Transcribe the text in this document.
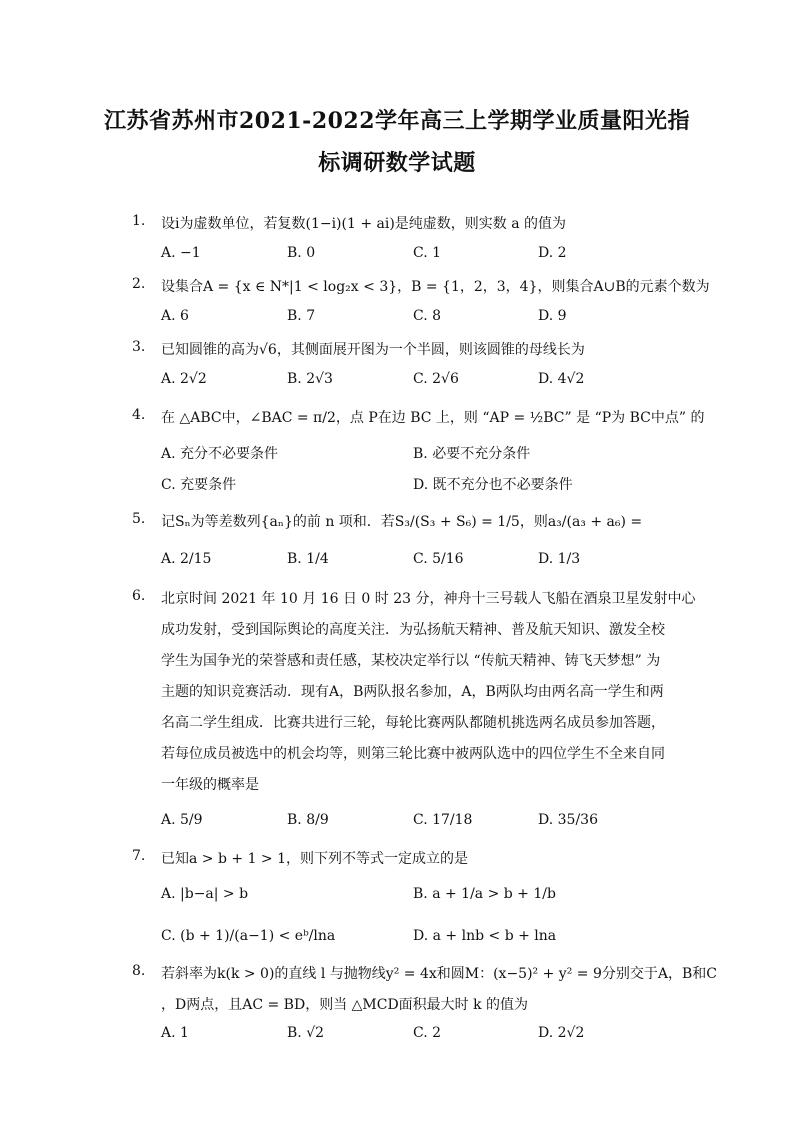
江苏省苏州市2021-2022学年高三上学期学业质量阳光指
标调研数学试题
1. 设i为虚数单位，若复数(1−i)(1 + ai)是纯虚数，则实数 a 的值为
A. −1	B. 0	C. 1	D. 2
2. 设集合A = {x ∈ N*|1 < log₂x < 3}，B = {1，2，3，4}，则集合A∪B的元素个数为
A. 6	B. 7	C. 8	D. 9
3. 已知圆锥的高为√6，其侧面展开图为一个半圆，则该圆锥的母线长为
A. 2√2	B. 2√3	C. 2√6	D. 4√2
4. 在 △ABC中，∠BAC = π/2，点 P在边 BC 上，则 “AP = ½BC” 是 “P为 BC中点” 的
A. 充分不必要条件	B. 必要不充分条件
C. 充要条件	D. 既不充分也不必要条件
5. 记Sₙ为等差数列{aₙ}的前 n 项和．若S₃/(S₃ + S₆) = 1/5，则a₃/(a₃ + a₆) =
A. 2/15	B. 1/4	C. 5/16	D. 1/3
6. 北京时间 2021 年 10 月 16 日 0 时 23 分，神舟十三号载人飞船在酒泉卫星发射中心
成功发射，受到国际舆论的高度关注．为弘扬航天精神、普及航天知识、激发全校
学生为国争光的荣誉感和责任感，某校决定举行以 “传航天精神、铸飞天梦想” 为
主题的知识竞赛活动．现有A，B两队报名参加，A，B两队均由两名高一学生和两
名高二学生组成．比赛共进行三轮，每轮比赛两队都随机挑选两名成员参加答题，
若每位成员被选中的机会均等，则第三轮比赛中被两队选中的四位学生不全来自同
一年级的概率是
A. 5/9	B. 8/9	C. 17/18	D. 35/36
7. 已知a > b + 1 > 1，则下列不等式一定成立的是
A. |b−a| > b	B. a + 1/a > b + 1/b
C. (b + 1)/(a−1) < eᵇ/lna	D. a + lnb < b + lna
8. 若斜率为k(k > 0)的直线 l 与抛物线y² = 4x和圆M：(x−5)² + y² = 9分别交于A，B和C
，D两点，且AC = BD，则当 △MCD面积最大时 k 的值为
A. 1	B. √2	C. 2	D. 2√2
